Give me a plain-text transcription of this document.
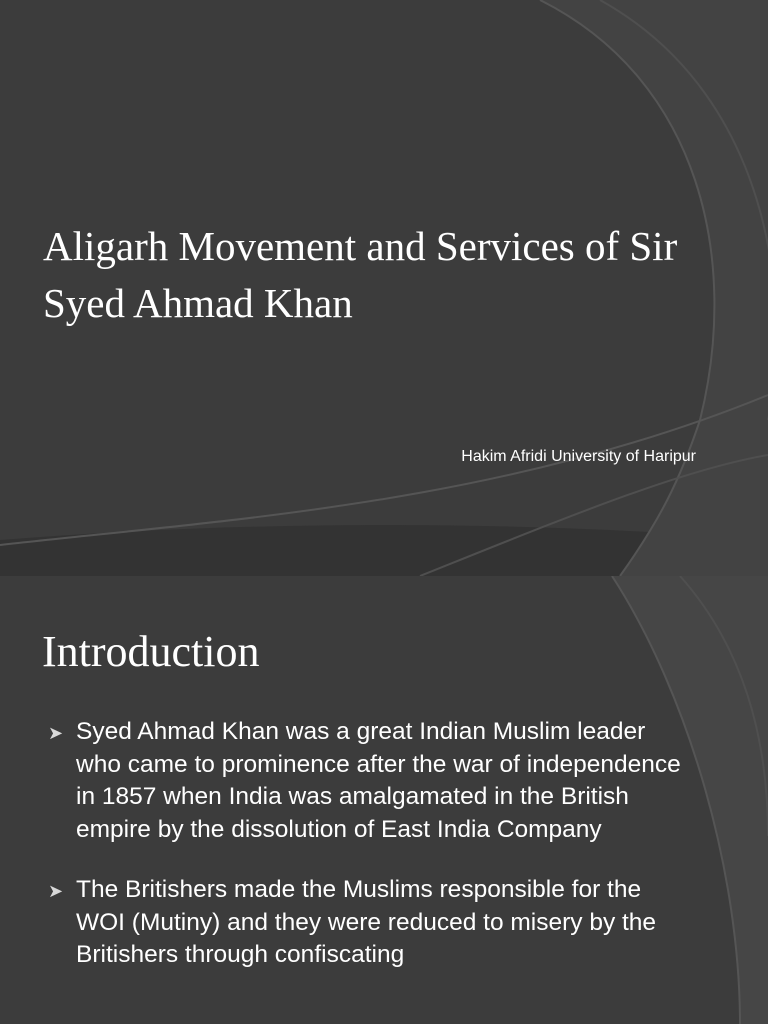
Aligarh Movement and Services of Sir Syed Ahmad Khan

Hakim Afridi University of Haripur

Introduction
➤ Syed Ahmad Khan was a great Indian Muslim leader who came to prominence after the war of independence in 1857 when India was amalgamated in the British empire by the dissolution of East India Company
➤ The Britishers made the Muslims responsible for the WOI (Mutiny) and they were reduced to misery by the Britishers through confiscating
